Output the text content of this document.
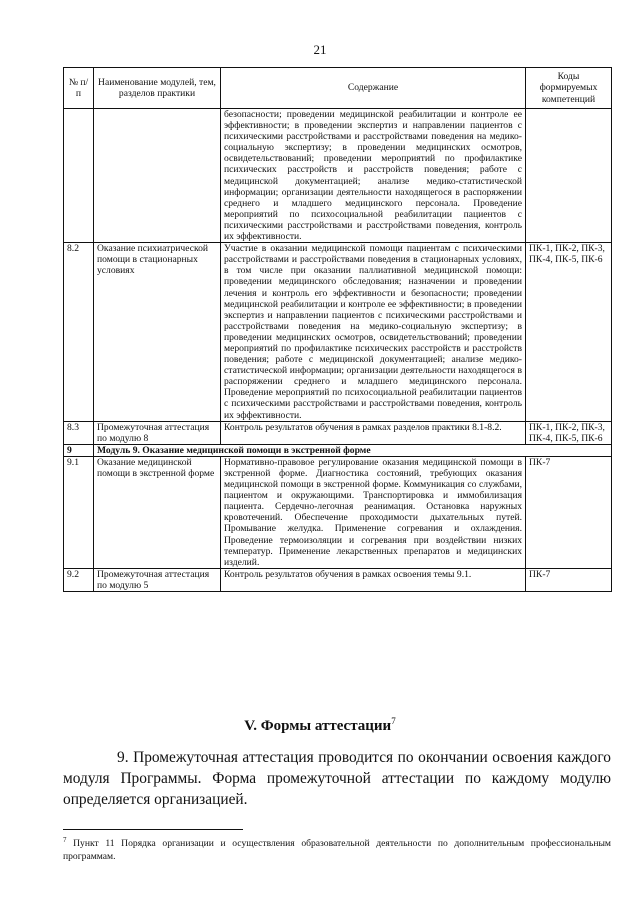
21
№ п/п	Наименование модулей, тем, разделов практики	Содержание	Коды формируемых компетенций
		безопасности; проведении медицинской реабилитации и контроле ее эффективности; в проведении экспертиз и направлении пациентов с психическими расстройствами и расстройствами поведения на медико-социальную экспертизу; в проведении медицинских осмотров, освидетельствований; проведении мероприятий по профилактике психических расстройств и расстройств поведения; работе с медицинской документацией; анализе медико-статистической информации; организации деятельности находящегося в распоряжении среднего и младшего медицинского персонала. Проведение мероприятий по психосоциальной реабилитации пациентов с психическими расстройствами и расстройствами поведения, контроль их эффективности.	
8.2	Оказание психиатрической помощи в стационарных условиях	Участие в оказании медицинской помощи пациентам с психическими расстройствами и расстройствами поведения в стационарных условиях, в том числе при оказании паллиативной медицинской помощи: проведении медицинского обследования; назначении и проведении лечения и контроль его эффективности и безопасности; проведении медицинской реабилитации и контроле ее эффективности; в проведении экспертиз и направлении пациентов с психическими расстройствами и расстройствами поведения на медико-социальную экспертизу; в проведении медицинских осмотров, освидетельствований; проведении мероприятий по профилактике психических расстройств и расстройств поведения; работе с медицинской документацией; анализе медико-статистической информации; организации деятельности находящегося в распоряжении среднего и младшего медицинского персонала. Проведение мероприятий по психосоциальной реабилитации пациентов с психическими расстройствами и расстройствами поведения, контроль их эффективности.	ПК-1, ПК-2, ПК-3, ПК-4, ПК-5, ПК-6
8.3	Промежуточная аттестация по модулю 8	Контроль результатов обучения в рамках разделов практики 8.1-8.2.	ПК-1, ПК-2, ПК-3, ПК-4, ПК-5, ПК-6
9	Модуль 9. Оказание медицинской помощи в экстренной форме		
9.1	Оказание медицинской помощи в экстренной форме	Нормативно-правовое регулирование оказания медицинской помощи в экстренной форме. Диагностика состояний, требующих оказания медицинской помощи в экстренной форме. Коммуникация со службами, пациентом и окружающими. Транспортировка и иммобилизация пациента. Сердечно-легочная реанимация. Остановка наружных кровотечений. Обеспечение проходимости дыхательных путей. Промывание желудка. Применение согревания и охлаждения. Проведение термоизоляции и согревания при воздействии низких температур. Применение лекарственных препаратов и медицинских изделий.	ПК-7
9.2	Промежуточная аттестация по модулю 5	Контроль результатов обучения в рамках освоения темы 9.1.	ПК-7
V. Формы аттестации$^7$

9. Промежуточная аттестация проводится по окончании освоения каждого модуля Программы. Форма промежуточной аттестации по каждому модулю определяется организацией.

$^7$ Пункт 11 Порядка организации и осуществления образовательной деятельности по дополнительным профессиональным программам.
